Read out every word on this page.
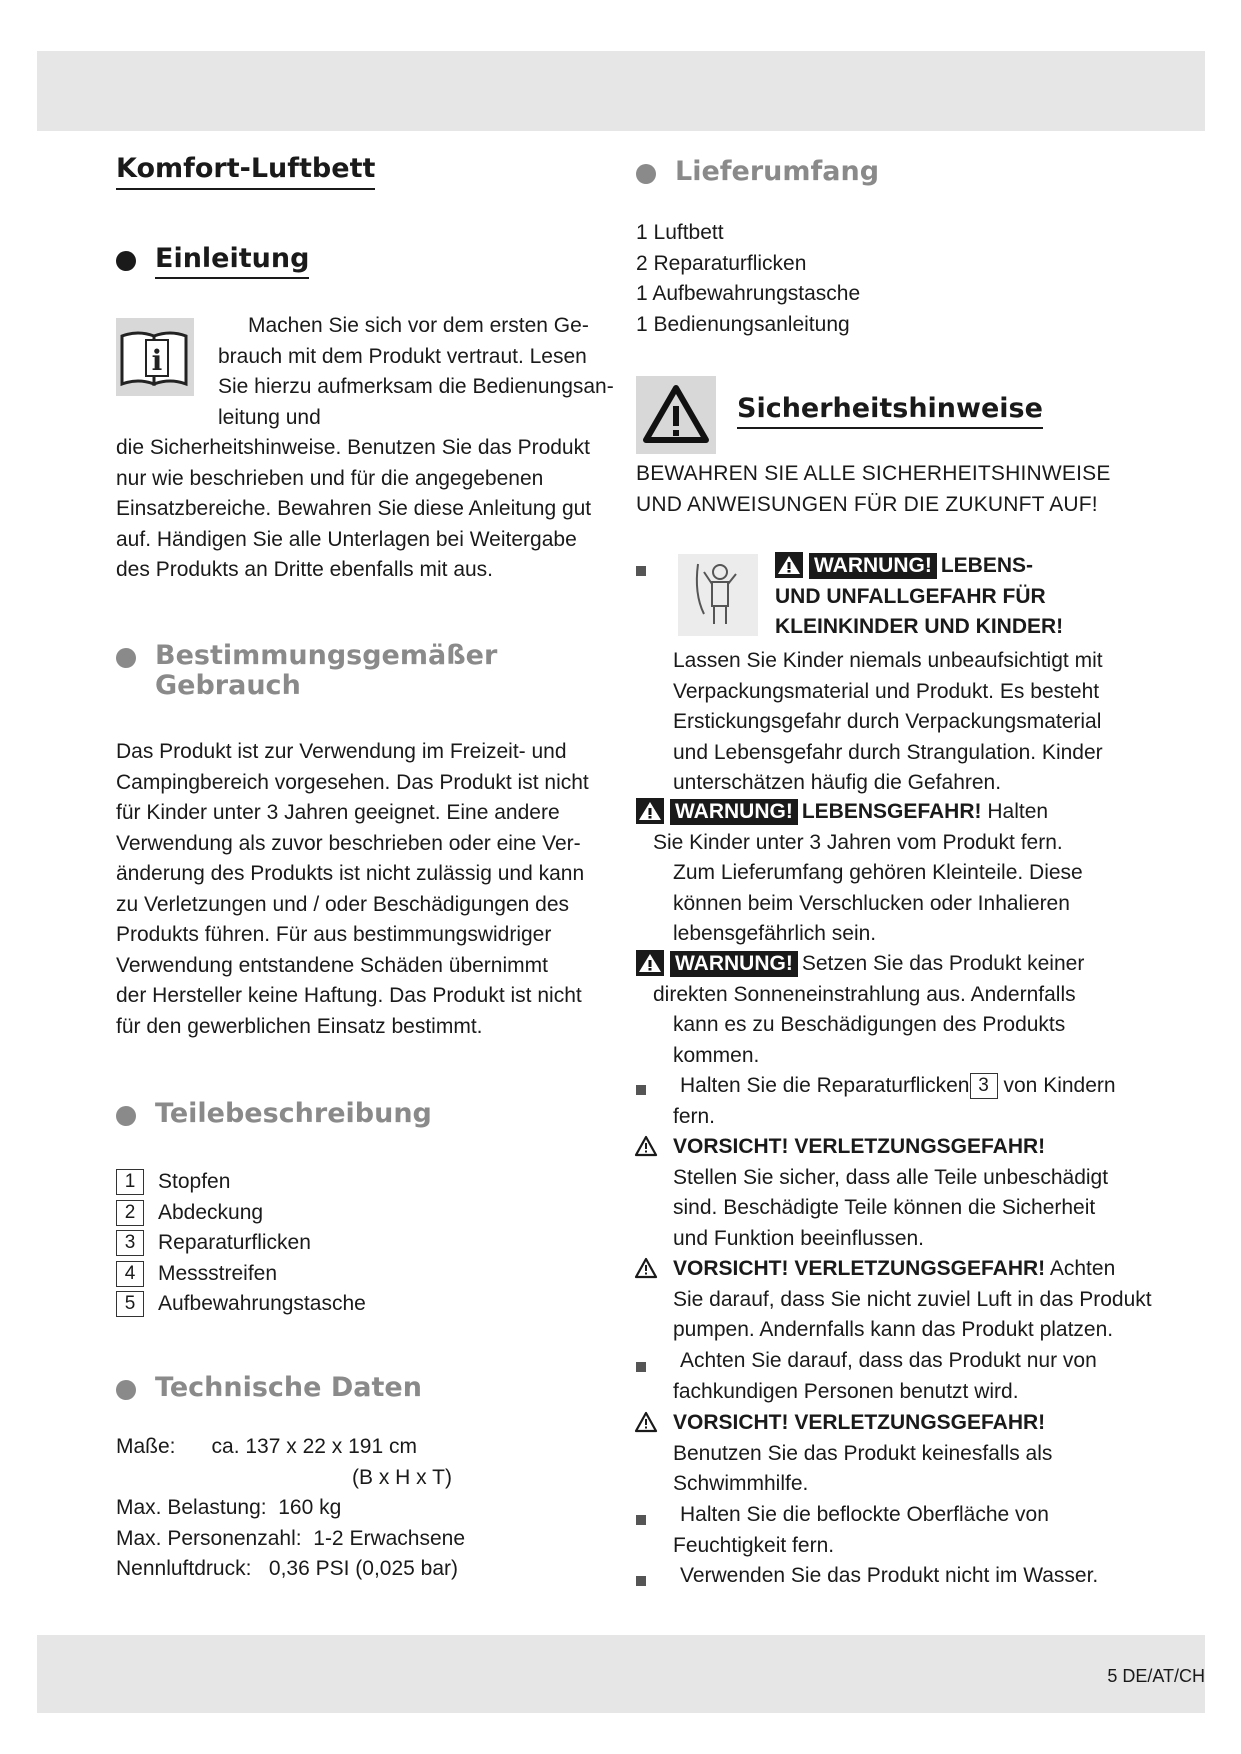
Komfort-Luftbett
Einleitung
i

Machen Sie sich vor dem ersten Ge-

brauch mit dem Produkt vertraut. Lesen

Sie hierzu aufmerksam die Bedienungsan-

leitung und

die Sicherheitshinweise. Benutzen Sie das Produkt

nur wie beschrieben und für die angegebenen

Einsatzbereiche. Bewahren Sie diese Anleitung gut

auf. Händigen Sie alle Unterlagen bei Weitergabe

des Produkts an Dritte ebenfalls mit aus.

Bestimmungsgemäßer
Gebrauch

Das Produkt ist zur Verwendung im Freizeit- und

Campingbereich vorgesehen. Das Produkt ist nicht

für Kinder unter 3 Jahren geeignet. Eine andere

Verwendung als zuvor beschrieben oder eine Ver-

änderung des Produkts ist nicht zulässig und kann

zu Verletzungen und / oder Beschädigungen des

Produkts führen. Für aus bestimmungswidriger

Verwendung entstandene Schäden übernimmt

der Hersteller keine Haftung. Das Produkt ist nicht

für den gewerblichen Einsatz bestimmt.

Teilebeschreibung
1	Stopfen
2	Abdeckung
3	Reparaturflicken
4	Messstreifen
5	Aufbewahrungstasche
Technische Daten

Maße: ca. 137 x 22 x 191 cm

(B x H x T)

Max. Belastung:  160 kg

Max. Personenzahl:  1-2 Erwachsene

Nennluftdruck:   0,36 PSI (0,025 bar)

Lieferumfang

1 Luftbett

2 Reparaturflicken

1 Aufbewahrungstasche

1 Bedienungsanleitung

Sicherheitshinweise

BEWAHREN SIE ALLE SICHERHEITSHINWEISE

UND ANWEISUNGEN FÜR DIE ZUKUNFT AUF!

WARNUNG! LEBENS-

UND UNFALLGEFAHR FÜR

KLEINKINDER UND KINDER!

Lassen Sie Kinder niemals unbeaufsichtigt mit

Verpackungsmaterial und Produkt. Es besteht

Erstickungsgefahr durch Verpackungsmaterial

und Lebensgefahr durch Strangulation. Kinder

unterschätzen häufig die Gefahren.

WARNUNG! LEBENSGEFAHR! Halten

Sie Kinder unter 3 Jahren vom Produkt fern.

Zum Lieferumfang gehören Kleinteile. Diese

können beim Verschlucken oder Inhalieren

lebensgefährlich sein.

WARNUNG! Setzen Sie das Produkt keiner

direkten Sonneneinstrahlung aus. Andernfalls

kann es zu Beschädigungen des Produkts

kommen.

Halten Sie die Reparaturflicken 3 von Kindern

fern.

VORSICHT! VERLETZUNGSGEFAHR!

Stellen Sie sicher, dass alle Teile unbeschädigt

sind. Beschädigte Teile können die Sicherheit

und Funktion beeinflussen.

VORSICHT! VERLETZUNGSGEFAHR! Achten

Sie darauf, dass Sie nicht zuviel Luft in das Produkt

pumpen. Andernfalls kann das Produkt platzen.

Achten Sie darauf, dass das Produkt nur von

fachkundigen Personen benutzt wird.

VORSICHT! VERLETZUNGSGEFAHR!

Benutzen Sie das Produkt keinesfalls als

Schwimmhilfe.

Halten Sie die beflockte Oberfläche von

Feuchtigkeit fern.

Verwenden Sie das Produkt nicht im Wasser.

5 DE/AT/CH
